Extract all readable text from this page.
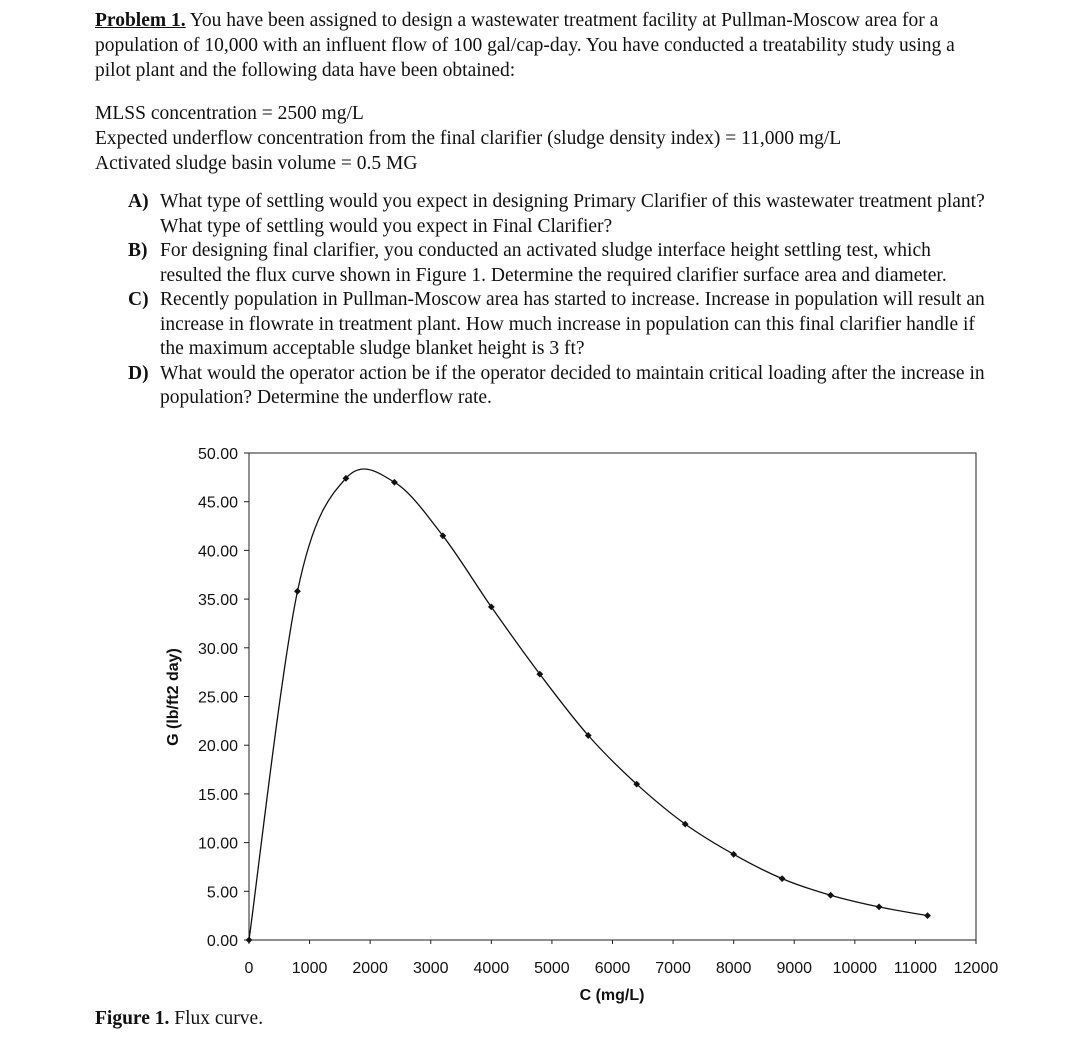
Problem 1. You have been assigned to design a wastewater treatment facility at Pullman-Moscow area for a population of 10,000 with an influent flow of 100 gal/cap-day. You have conducted a treatability study using a pilot plant and the following data have been obtained:
MLSS concentration = 2500 mg/L
Expected underflow concentration from the final clarifier (sludge density index) = 11,000 mg/L
Activated sludge basin volume = 0.5 MG
A) What type of settling would you expect in designing Primary Clarifier of this wastewater treatment plant? What type of settling would you expect in Final Clarifier?
B) For designing final clarifier, you conducted an activated sludge interface height settling test, which resulted the flux curve shown in Figure 1. Determine the required clarifier surface area and diameter.
C) Recently population in Pullman-Moscow area has started to increase. Increase in population will result an increase in flowrate in treatment plant. How much increase in population can this final clarifier handle if the maximum acceptable sludge blanket height is 3 ft?
D) What would the operator action be if the operator decided to maintain critical loading after the increase in population? Determine the underflow rate.
0.00
5.00
10.00
15.00
20.00
25.00
30.00
35.00
40.00
45.00
50.00
0 1000 2000 3000 4000 5000 6000 7000 8000 9000 10000 11000 12000
G (lb/ft2 day)
C (mg/L)
Figure 1. Flux curve.
